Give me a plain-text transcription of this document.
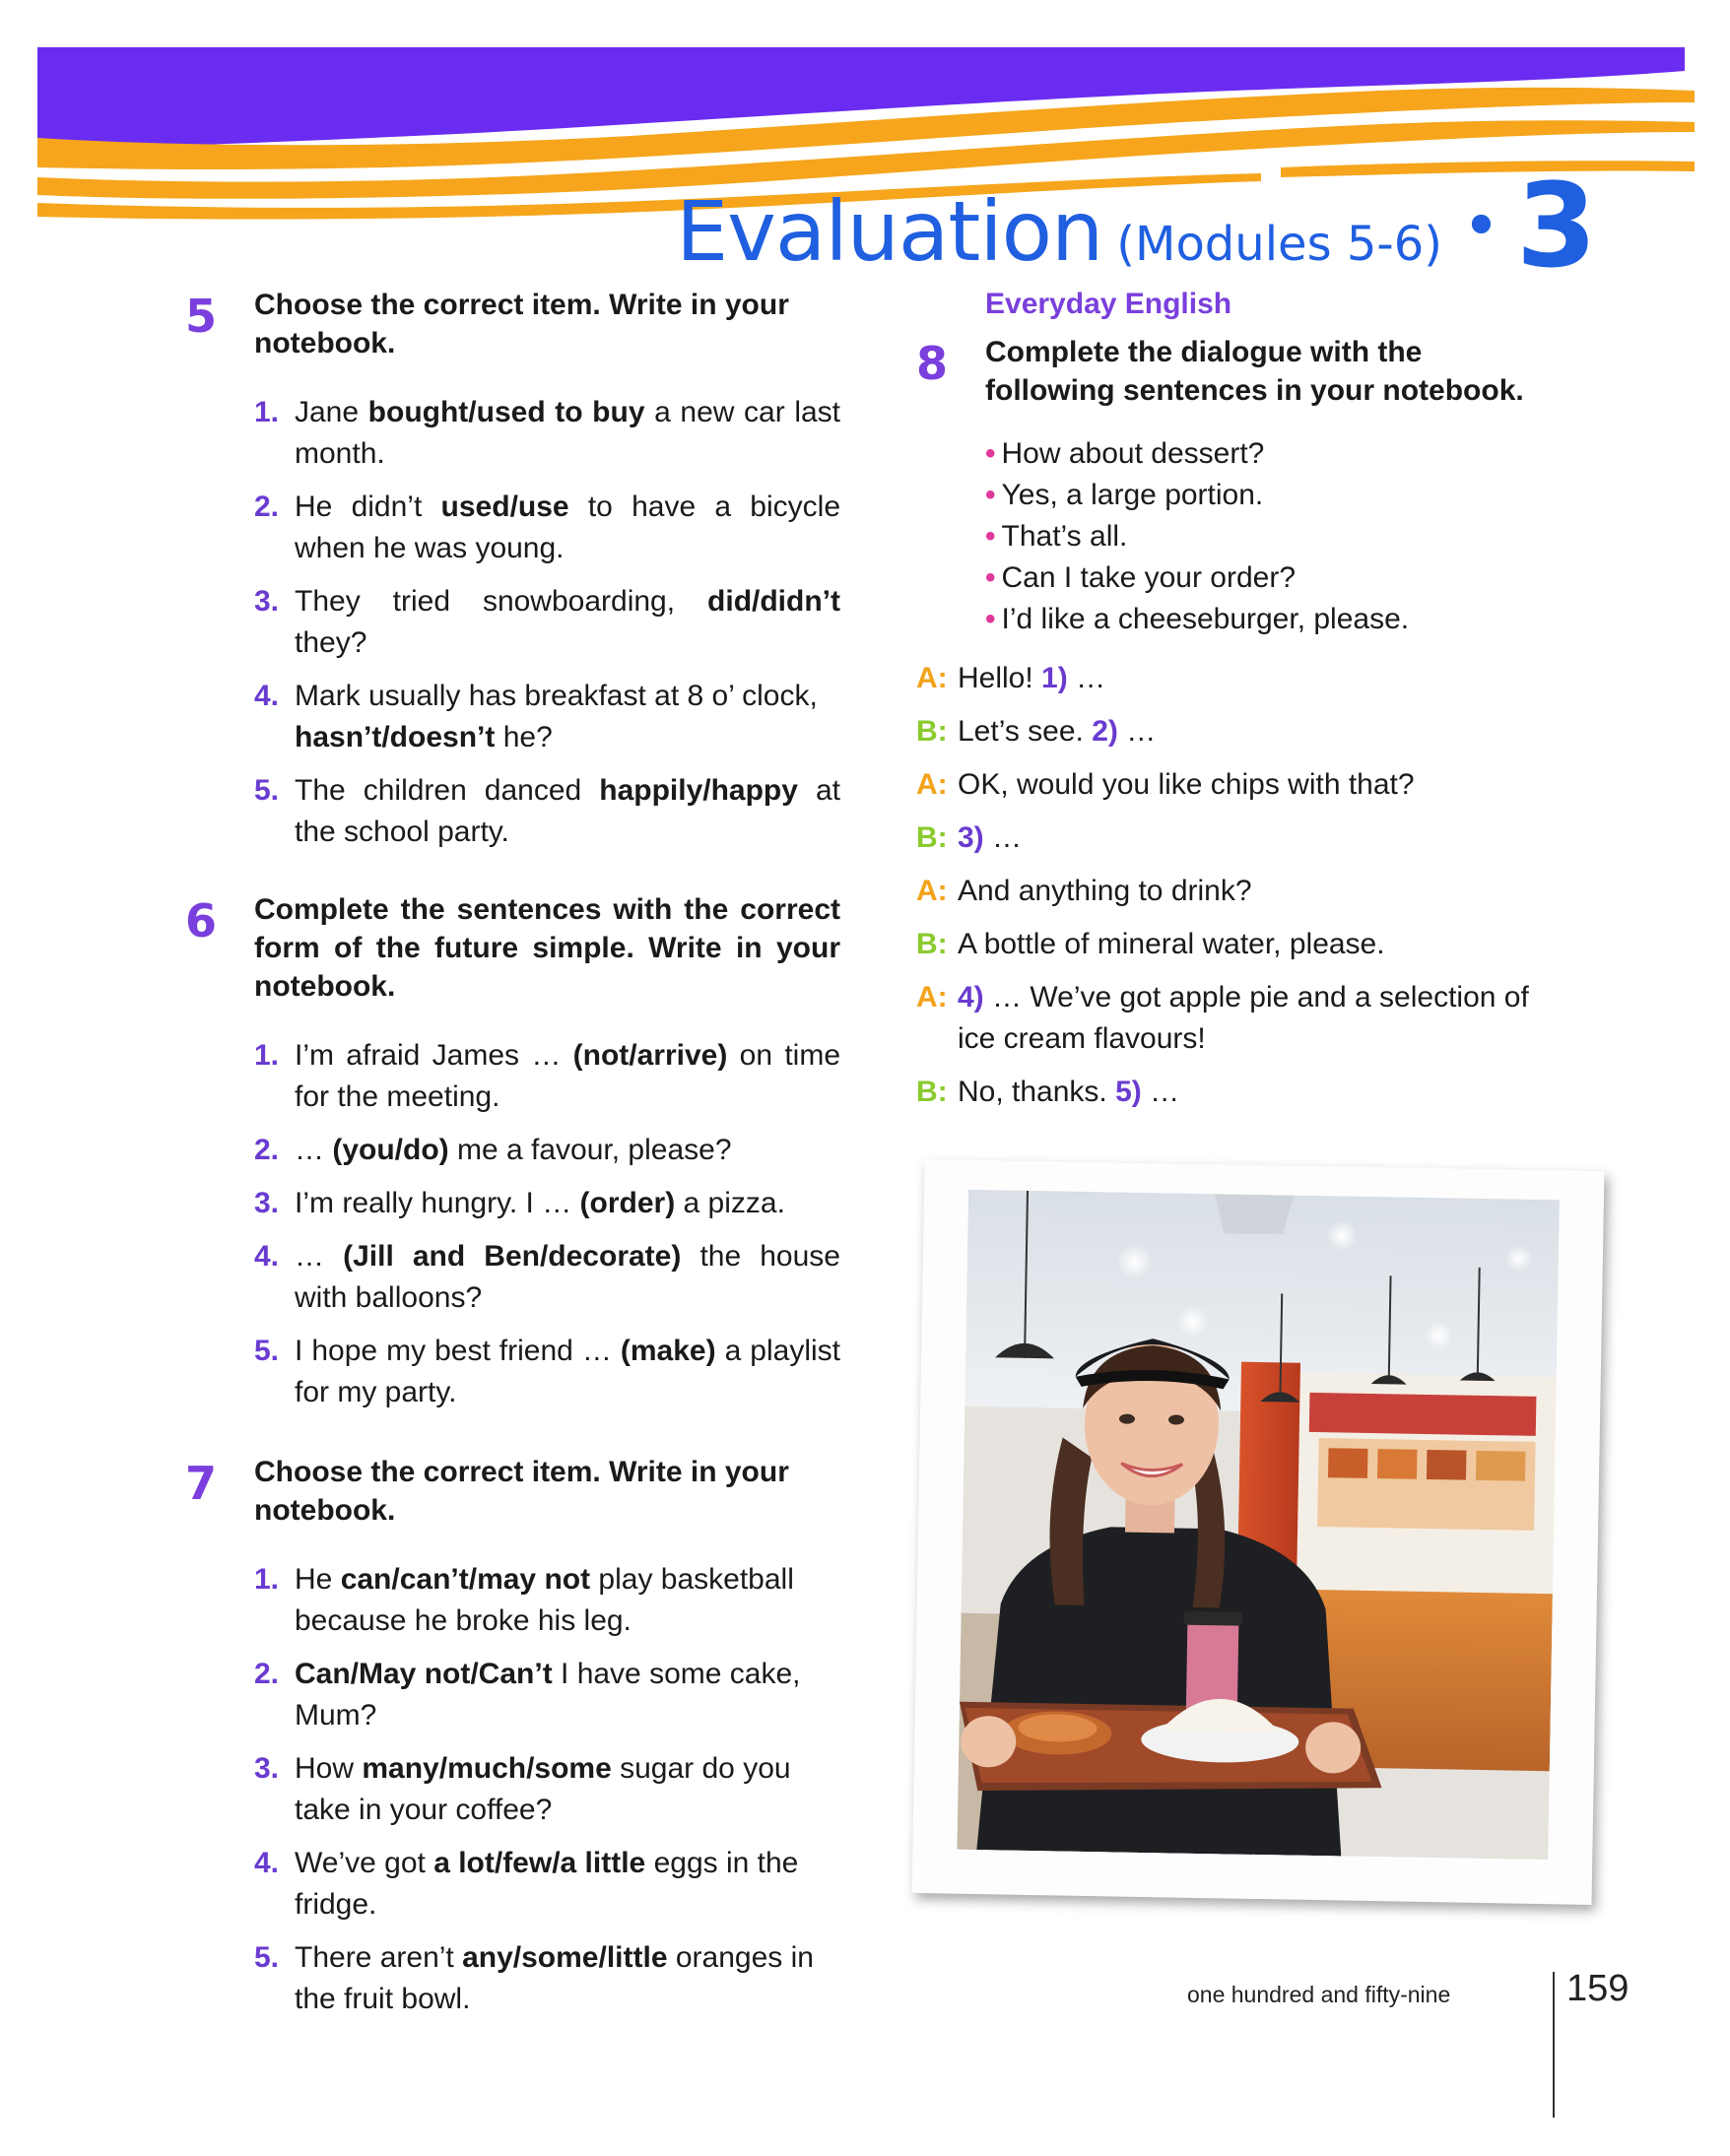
Evaluation (Modules 5-6) • 3
5 Choose the correct item. Write in your notebook.

1. Jane bought/used to buy a new car last month.
2. He didn’t used/use to have a bicycle when he was young.
3. They tried snowboarding, did/didn’t they?
4. Mark usually has breakfast at 8 o’ clock, hasn’t/doesn’t he?
5. The children danced happily/happy at the school party.
6 Complete the sentences with the correct form of the future simple. Write in your notebook.

1. I’m afraid James … (not/arrive) on time for the meeting.
2. … (you/do) me a favour, please?
3. I’m really hungry. I … (order) a pizza.
4. … (Jill and Ben/decorate) the house with balloons?
5. I hope my best friend … (make) a playlist for my party.
7 Choose the correct item. Write in your notebook.

1. He can/can’t/may not play basketball because he broke his leg.
2. Can/May not/Can’t I have some cake, Mum?
3. How many/much/some sugar do you take in your coffee?
4. We’ve got a lot/few/a little eggs in the fridge.
5. There aren’t any/some/little oranges in the fruit bowl.
Everyday English
8 Complete the dialogue with the following sentences in your notebook.

• How about dessert?
• Yes, a large portion.
• That’s all.
• Can I take your order?
• I’d like a cheeseburger, please.
A: Hello! 1) …
B: Let’s see. 2) …
A: OK, would you like chips with that?
B: 3) …
A: And anything to drink?
B: A bottle of mineral water, please.
A: 4) … We’ve got apple pie and a selection of ice cream flavours!
B: No, thanks. 5) …
one hundred and fifty-nine	159
